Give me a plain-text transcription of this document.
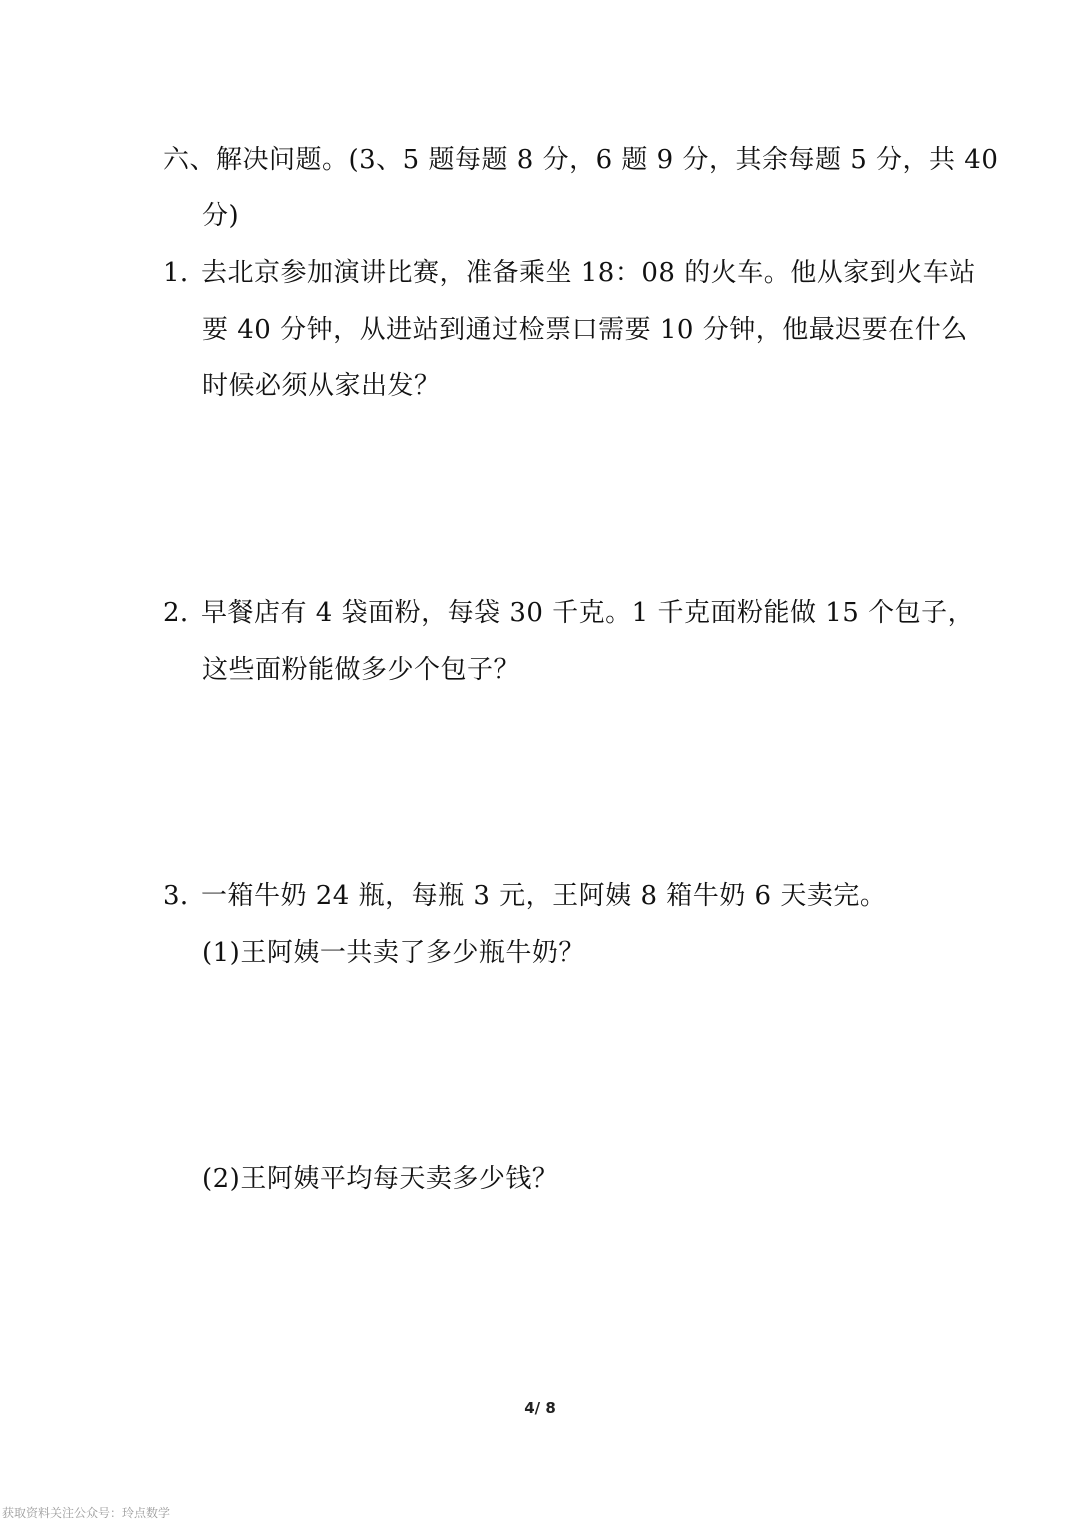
六、解决问题。(3、5 题每题 8 分，6 题 9 分，其余每题 5 分，共 40
分)
1．去北京参加演讲比赛，准备乘坐 18：08 的火车。他从家到火车站
要 40 分钟，从进站到通过检票口需要 10 分钟，他最迟要在什么
时候必须从家出发？
2．早餐店有 4 袋面粉，每袋 30 千克。1 千克面粉能做 15 个包子，
这些面粉能做多少个包子？
3．一箱牛奶 24 瓶，每瓶 3 元，王阿姨 8 箱牛奶 6 天卖完。
(1)王阿姨一共卖了多少瓶牛奶？
(2)王阿姨平均每天卖多少钱？
4/ 8
获取资料关注公众号：玲点数学
